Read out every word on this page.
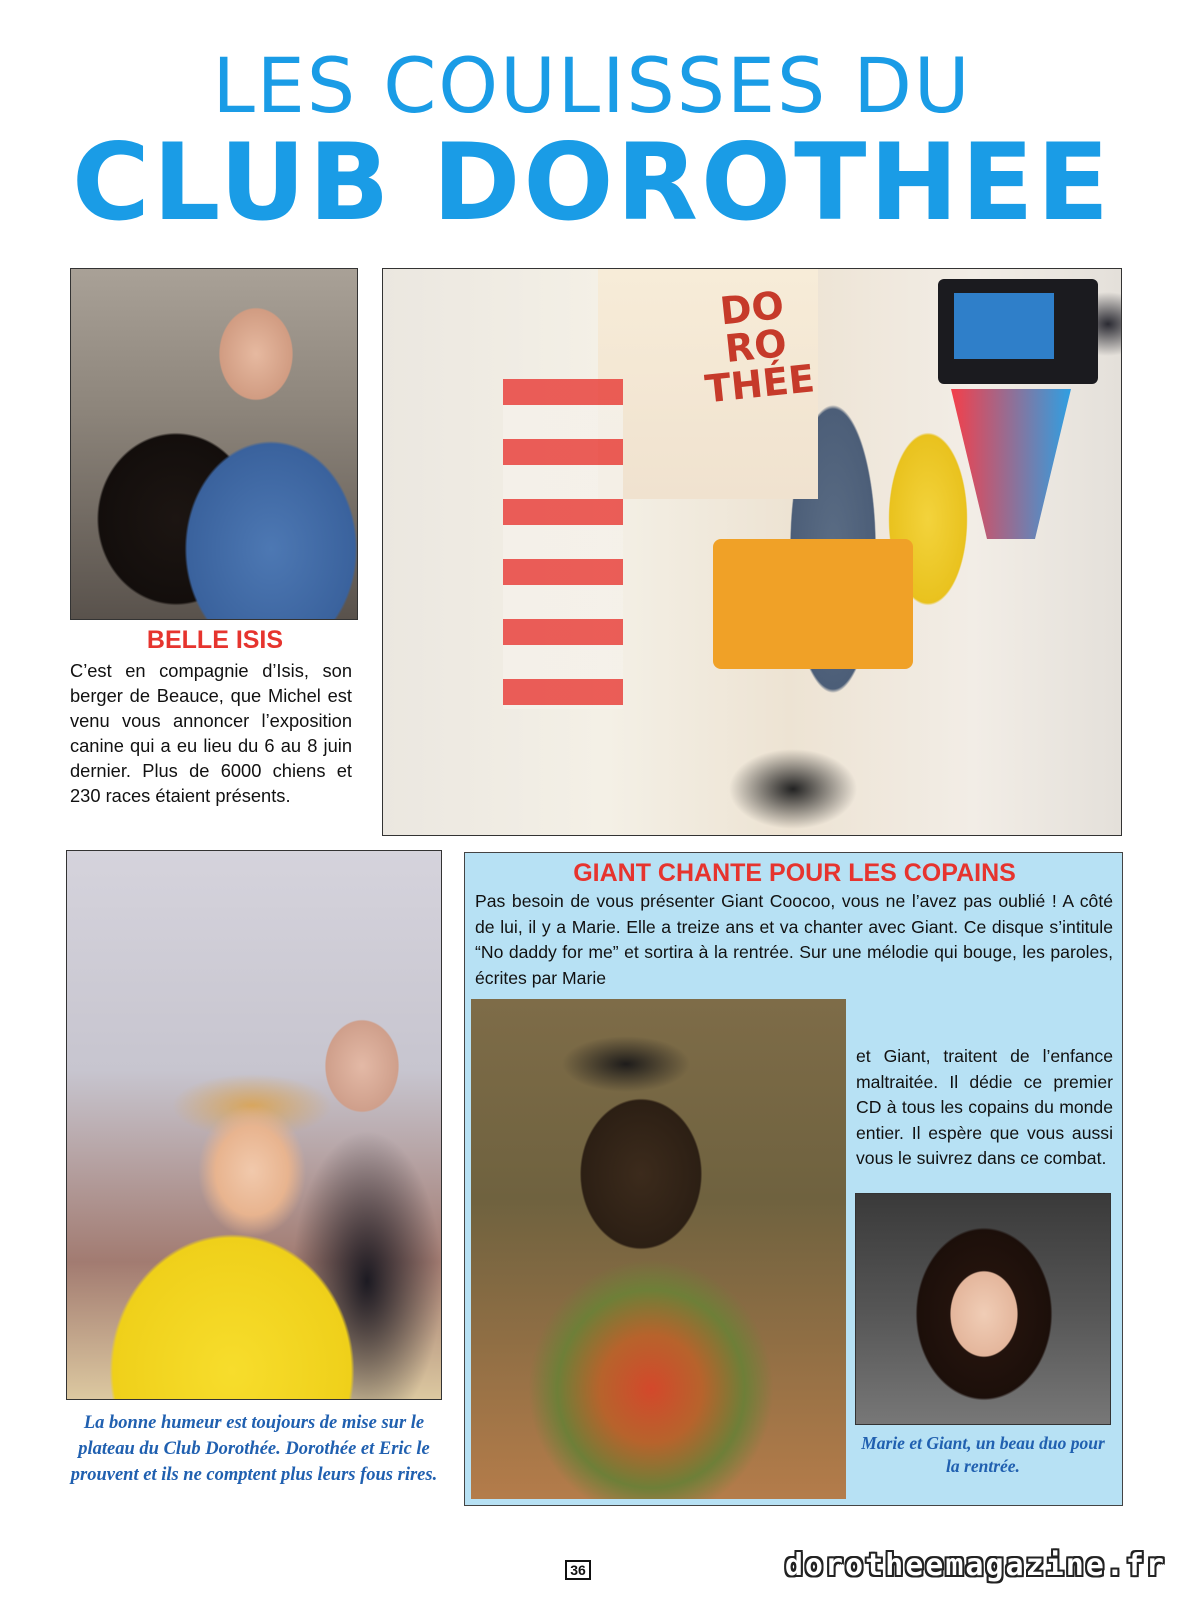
LES COULISSES DU
CLUB DOROTHEE
DO
RO
THÉE
BELLE ISIS
C’est en compagnie d’Isis, son berger de Beauce, que Michel est venu vous annoncer l’exposition canine qui a eu lieu du 6 au 8 juin dernier. Plus de 6000 chiens et 230 races étaient présents.
La bonne humeur est toujours de mise sur le plateau du Club Dorothée. Dorothée et Eric le prouvent et ils ne comptent plus leurs fous rires.
GIANT CHANTE POUR LES COPAINS
Pas besoin de vous présenter Giant Coocoo, vous ne l’avez pas oublié ! A côté de lui, il y a Marie. Elle a treize ans et va chanter avec Giant. Ce disque s’intitule “No daddy for me” et sortira à la rentrée. Sur une mélodie qui bouge, les paroles, écrites par Marie
et Giant, traitent de l’enfance maltraitée. Il dédie ce premier CD à tous les copains du monde entier. Il espère que vous aussi vous le suivrez dans ce combat.
Marie et Giant, un beau duo pour la rentrée.
36	dorotheemagazine.fr
